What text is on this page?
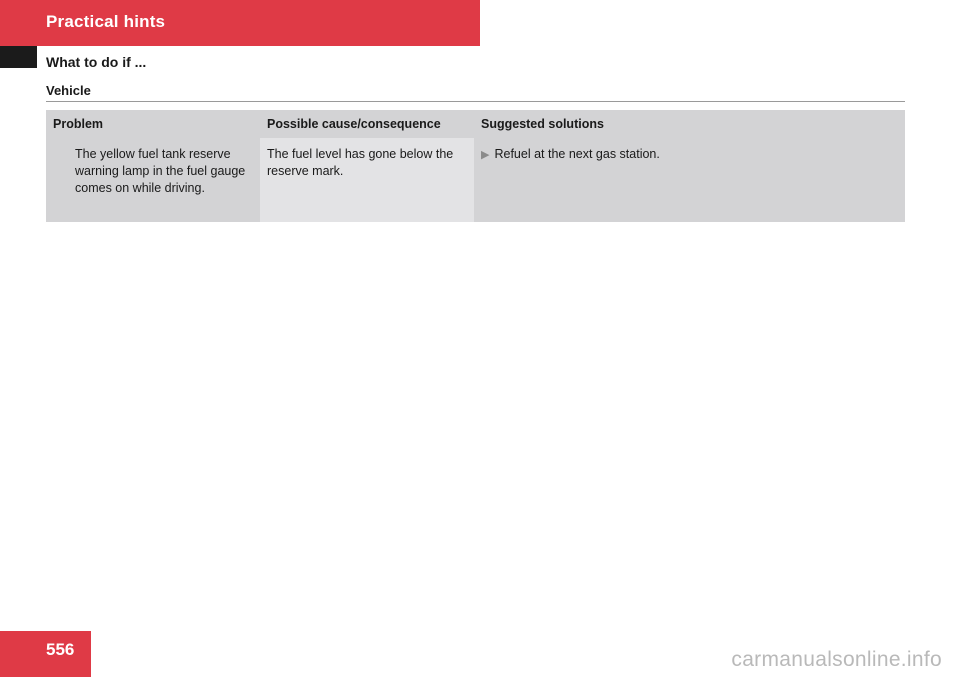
Practical hints
What to do if ...
Vehicle
Problem	Possible cause/consequence	Suggested solutions
The yellow fuel tank reserve warning lamp in the fuel gauge comes on while driving.	The fuel level has gone below the reserve mark.	▶ Refuel at the next gas station.
556	carmanualsonline.info
